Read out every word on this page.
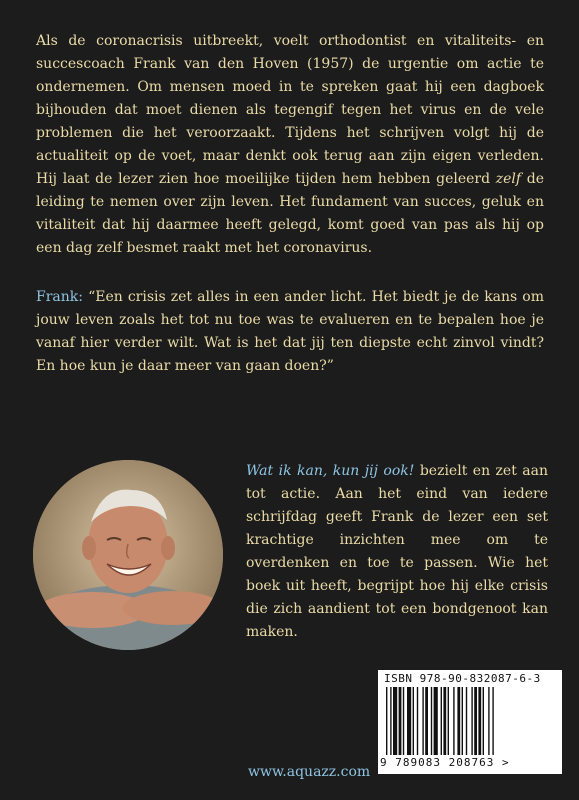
Als de coronacrisis uitbreekt, voelt orthodontist en vitaliteits- en succescoach Frank van den Hoven (1957) de urgentie om actie te ondernemen. Om mensen moed in te spreken gaat hij een dagboek bijhouden dat moet dienen als tegengif tegen het virus en de vele problemen die het veroorzaakt. Tijdens het schrijven volgt hij de actualiteit op de voet, maar denkt ook terug aan zijn eigen verleden. Hij laat de lezer zien hoe moeilijke tijden hem hebben geleerd zelf de leiding te nemen over zijn leven. Het fundament van succes, geluk en vitaliteit dat hij daarmee heeft gelegd, komt goed van pas als hij op een dag zelf besmet raakt met het coronavirus.

Frank: “Een crisis zet alles in een ander licht. Het biedt je de kans om jouw leven zoals het tot nu toe was te evalueren en te bepalen hoe je vanaf hier verder wilt. Wat is het dat jij ten diepste echt zinvol vindt? En hoe kun je daar meer van gaan doen?”

Wat ik kan, kun jij ook! bezielt en zet aan tot actie. Aan het eind van iedere schrijfdag geeft Frank de lezer een set krachtige inzichten mee om te overdenken en toe te passen. Wie het boek uit heeft, begrijpt hoe hij elke crisis die zich aandient tot een bondgenoot kan maken.

www.aquazz.com
ISBN 978-90-832087-6-3
9 789083 208763 >
